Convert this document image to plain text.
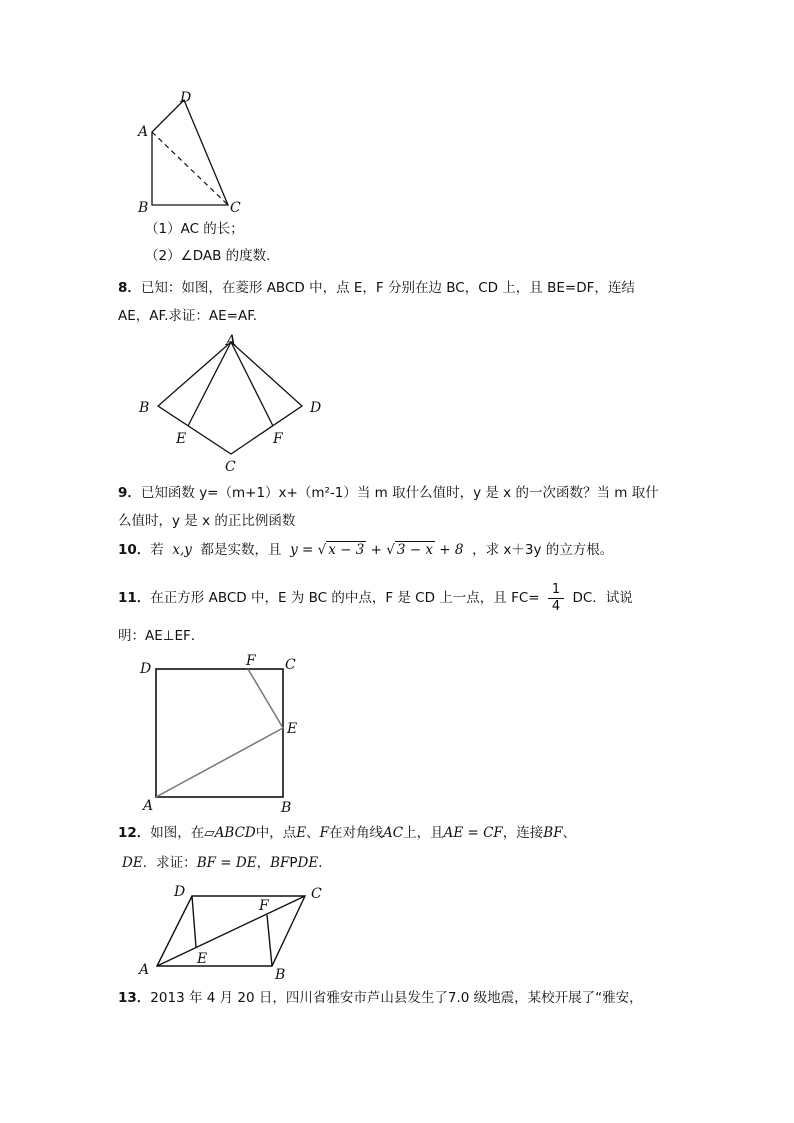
A
D
B	C
（1）AC 的长；
（2）∠DAB 的度数．
8．已知：如图，在菱形 ABCD 中，点 E，F 分别在边 BC，CD 上，且 BE=DF，连结
AE，AF.求证：AE=AF.
A
B	D
E	F
C
9．已知函数 y=（m+1）x+（m²-1）当 m 取什么值时，y 是 x 的一次函数？当 m 取什
么值时，y 是 x 的正比例函数
10．若 x,y 都是实数，且 y = √ x − 3 + √ 3 − x + 8 ，求 x＋3y 的立方根。
11．在正方形 ABCD 中，E 为 BC 的中点，F 是 CD 上一点，且 $FC= \frac{1}{4}$ DC．试说
明：AE⊥EF．
D	F C
E
A	B
12．如图，在▱ABCD中，点E、F在对角线AC上，且AE = CF，连接BF、
DE．求证：BF = DE，BFPDE．
D	C
F
E
A	B
13．2013 年 4 月 20 日，四川省雅安市芦山县发生了7.0 级地震，某校开展了“雅安，
